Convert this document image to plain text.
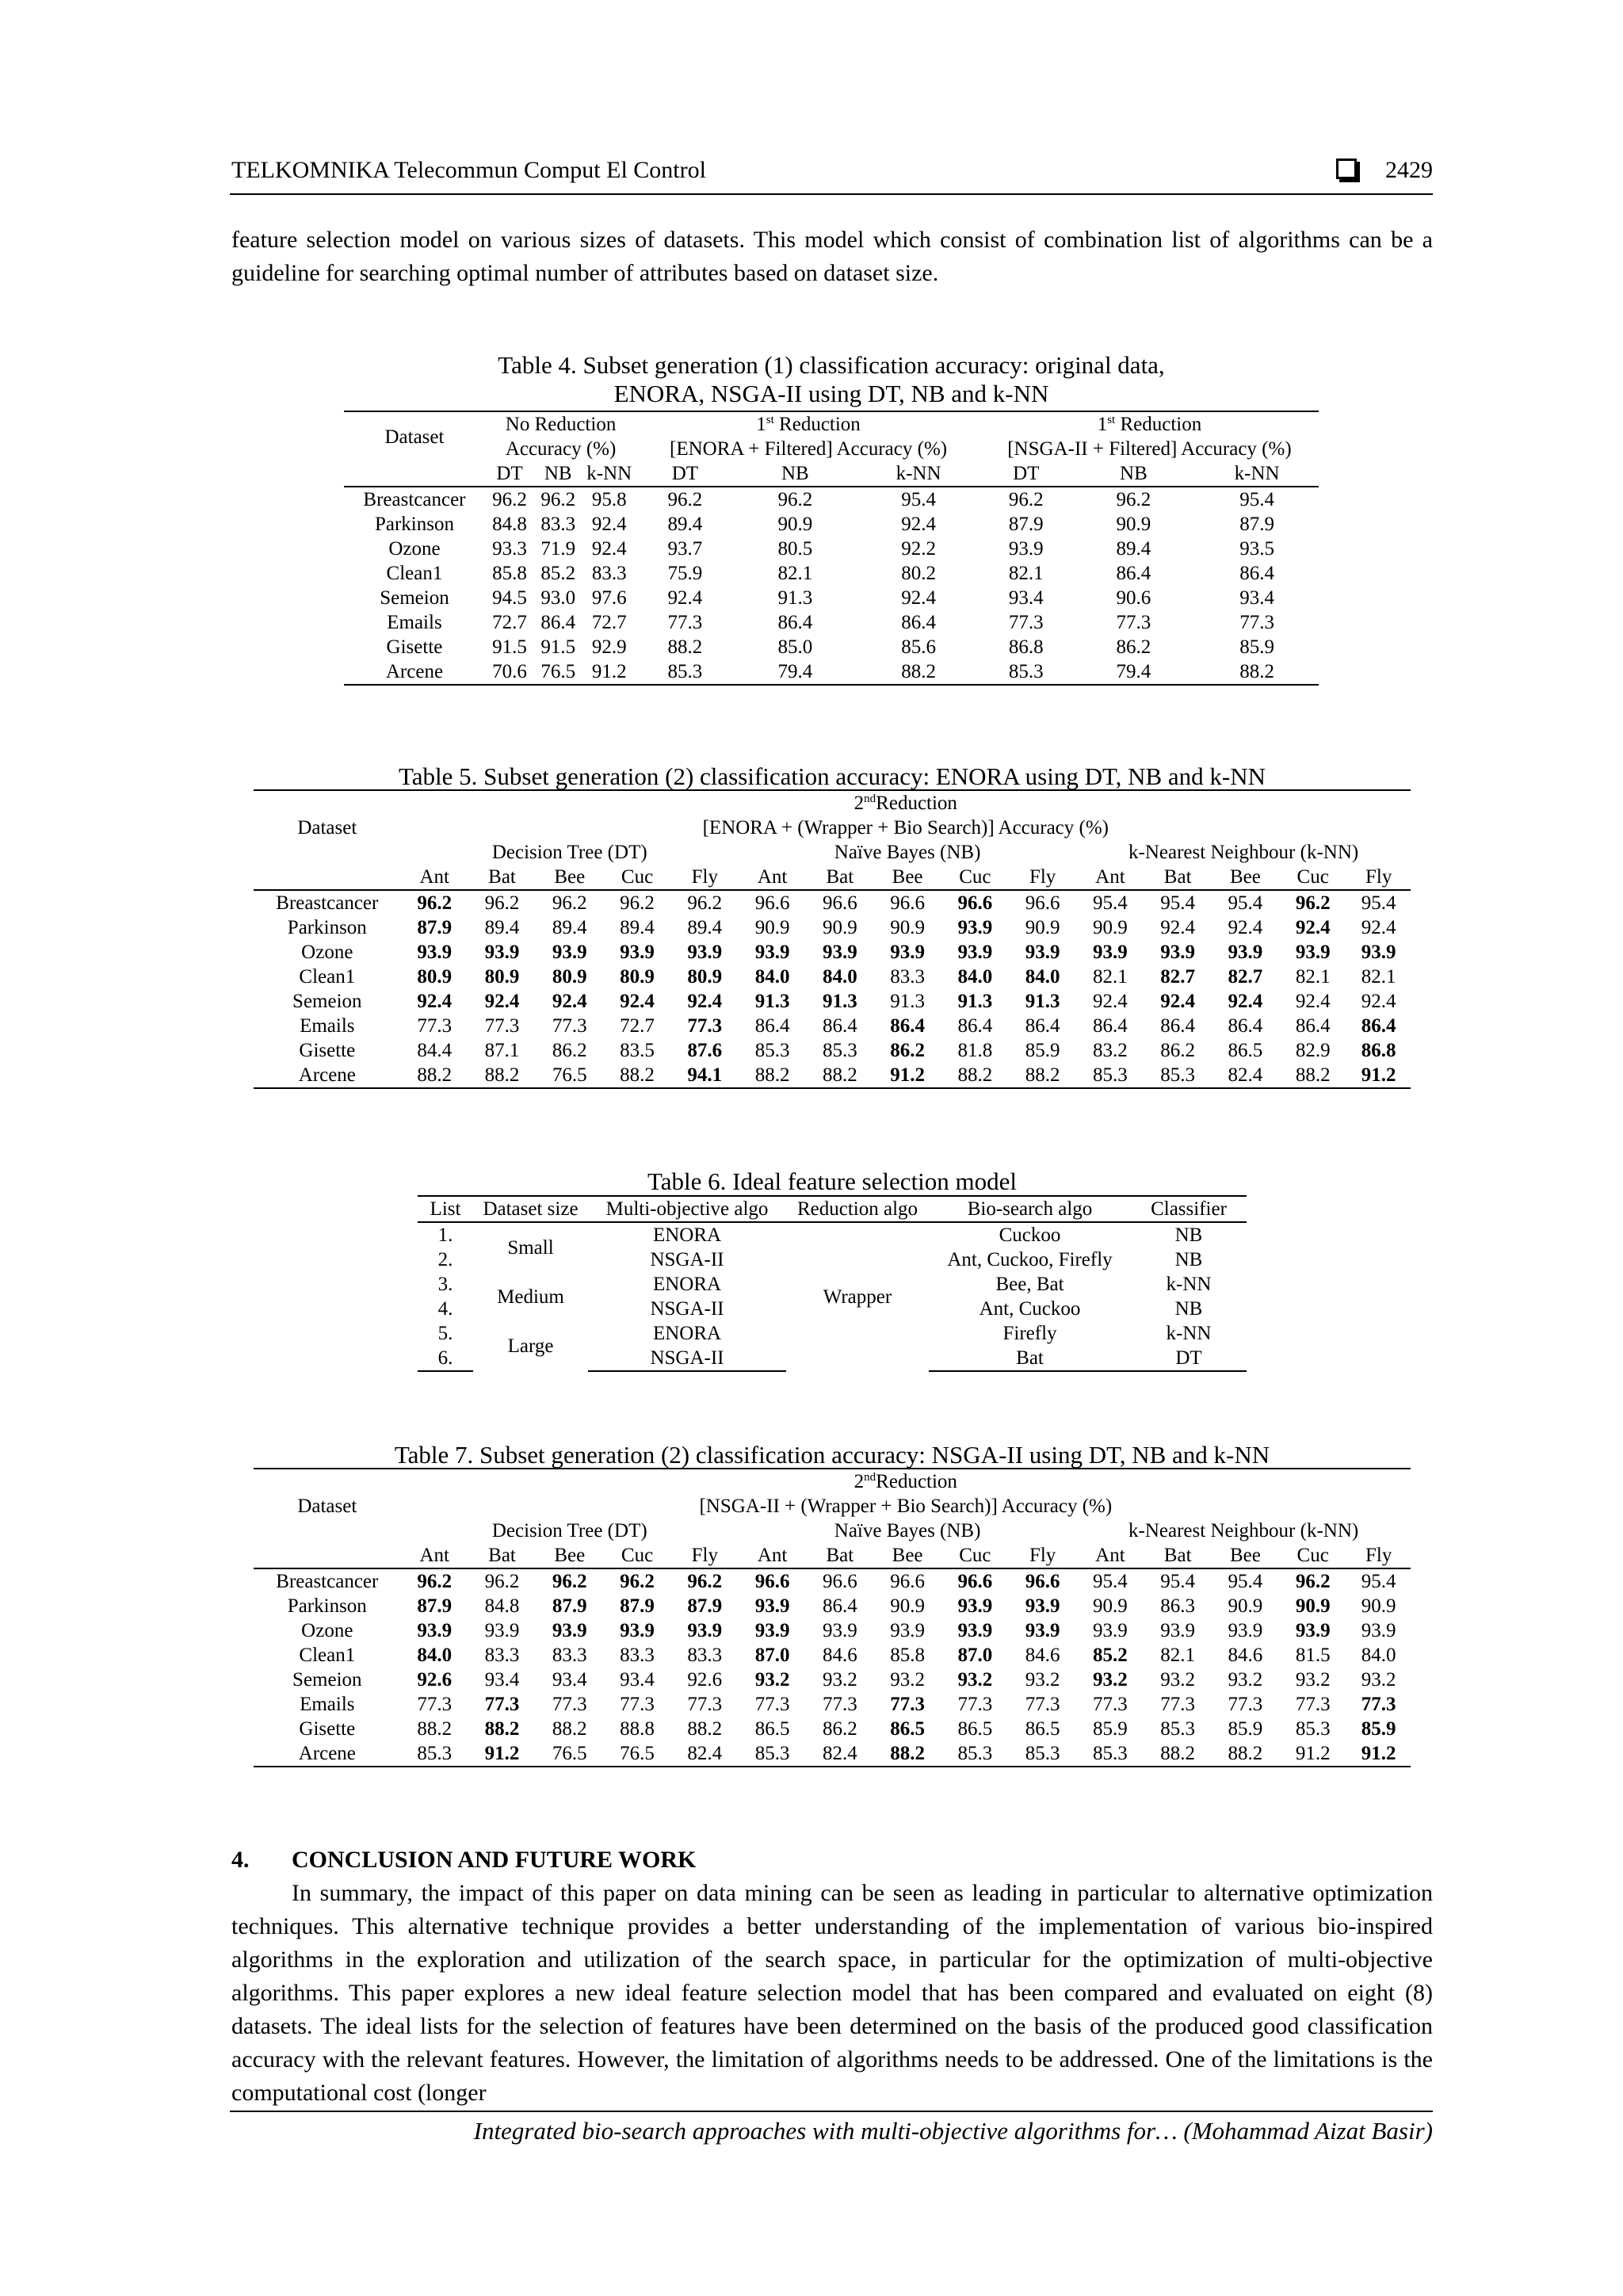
TELKOMNIKA Telecommun Comput El Control	2429

feature selection model on various sizes of datasets. This model which consist of combination list of algorithms can be a guideline for searching optimal number of attributes based on dataset size.

Table 4. Subset generation (1) classification accuracy: original data,
ENORA, NSGA-II using DT, NB and k-NN
Dataset	No Reduction			1st Reduction			1st Reduction		
	Accuracy (%)			[ENORA + Filtered] Accuracy (%)			[NSGA-II + Filtered] Accuracy (%)		
	DT	NB	k-NN	DT	NB	k-NN	DT	NB	k-NN
Breastcancer	96.2	96.2	95.8	96.2	96.2	95.4	96.2	96.2	95.4
Parkinson	84.8	83.3	92.4	89.4	90.9	92.4	87.9	90.9	87.9
Ozone	93.3	71.9	92.4	93.7	80.5	92.2	93.9	89.4	93.5
Clean1	85.8	85.2	83.3	75.9	82.1	80.2	82.1	86.4	86.4
Semeion	94.5	93.0	97.6	92.4	91.3	92.4	93.4	90.6	93.4
Emails	72.7	86.4	72.7	77.3	86.4	86.4	77.3	77.3	77.3
Gisette	91.5	91.5	92.9	88.2	85.0	85.6	86.8	86.2	85.9
Arcene	70.6	76.5	91.2	85.3	79.4	88.2	85.3	79.4	88.2
Table 5. Subset generation (2) classification accuracy: ENORA using DT, NB and k-NN
Dataset	2ndReduction														
	[ENORA + (Wrapper + Bio Search)] Accuracy (%)														
	Decision Tree (DT)					Naïve Bayes (NB)					k-Nearest Neighbour (k-NN)				
	Ant	Bat	Bee	Cuc	Fly	Ant	Bat	Bee	Cuc	Fly	Ant	Bat	Bee	Cuc	Fly
Breastcancer	96.2	96.2	96.2	96.2	96.2	96.6	96.6	96.6	96.6	96.6	95.4	95.4	95.4	96.2	95.4
Parkinson	87.9	89.4	89.4	89.4	89.4	90.9	90.9	90.9	93.9	90.9	90.9	92.4	92.4	92.4	92.4
Ozone	93.9	93.9	93.9	93.9	93.9	93.9	93.9	93.9	93.9	93.9	93.9	93.9	93.9	93.9	93.9
Clean1	80.9	80.9	80.9	80.9	80.9	84.0	84.0	83.3	84.0	84.0	82.1	82.7	82.7	82.1	82.1
Semeion	92.4	92.4	92.4	92.4	92.4	91.3	91.3	91.3	91.3	91.3	92.4	92.4	92.4	92.4	92.4
Emails	77.3	77.3	77.3	72.7	77.3	86.4	86.4	86.4	86.4	86.4	86.4	86.4	86.4	86.4	86.4
Gisette	84.4	87.1	86.2	83.5	87.6	85.3	85.3	86.2	81.8	85.9	83.2	86.2	86.5	82.9	86.8
Arcene	88.2	88.2	76.5	88.2	94.1	88.2	88.2	91.2	88.2	88.2	85.3	85.3	82.4	88.2	91.2
Table 6. Ideal feature selection model
List	Dataset size	Multi-objective algo	Reduction algo	Bio-search algo	Classifier
1.	Small	ENORA	Wrapper	Cuckoo	NB
2.		NSGA-II		Ant, Cuckoo, Firefly	NB
3.	Medium	ENORA		Bee, Bat	k-NN
4.		NSGA-II		Ant, Cuckoo	NB
5.	Large	ENORA		Firefly	k-NN
6.		NSGA-II		Bat	DT
Table 7. Subset generation (2) classification accuracy: NSGA-II using DT, NB and k-NN
Dataset	2ndReduction														
	[NSGA-II + (Wrapper + Bio Search)] Accuracy (%)														
	Decision Tree (DT)					Naïve Bayes (NB)					k-Nearest Neighbour (k-NN)				
	Ant	Bat	Bee	Cuc	Fly	Ant	Bat	Bee	Cuc	Fly	Ant	Bat	Bee	Cuc	Fly
Breastcancer	96.2	96.2	96.2	96.2	96.2	96.6	96.6	96.6	96.6	96.6	95.4	95.4	95.4	96.2	95.4
Parkinson	87.9	84.8	87.9	87.9	87.9	93.9	86.4	90.9	93.9	93.9	90.9	86.3	90.9	90.9	90.9
Ozone	93.9	93.9	93.9	93.9	93.9	93.9	93.9	93.9	93.9	93.9	93.9	93.9	93.9	93.9	93.9
Clean1	84.0	83.3	83.3	83.3	83.3	87.0	84.6	85.8	87.0	84.6	85.2	82.1	84.6	81.5	84.0
Semeion	92.6	93.4	93.4	93.4	92.6	93.2	93.2	93.2	93.2	93.2	93.2	93.2	93.2	93.2	93.2
Emails	77.3	77.3	77.3	77.3	77.3	77.3	77.3	77.3	77.3	77.3	77.3	77.3	77.3	77.3	77.3
Gisette	88.2	88.2	88.2	88.8	88.2	86.5	86.2	86.5	86.5	86.5	85.9	85.3	85.9	85.3	85.9
Arcene	85.3	91.2	76.5	76.5	82.4	85.3	82.4	88.2	85.3	85.3	85.3	88.2	88.2	91.2	91.2
4. CONCLUSION AND FUTURE WORK

In summary, the impact of this paper on data mining can be seen as leading in particular to alternative optimization techniques. This alternative technique provides a better understanding of the implementation of various bio-inspired algorithms in the exploration and utilization of the search space, in particular for the optimization of multi-objective algorithms. This paper explores a new ideal feature selection model that has been compared and evaluated on eight (8) datasets. The ideal lists for the selection of features have been determined on the basis of the produced good classification accuracy with the relevant features. However, the limitation of algorithms needs to be addressed. One of the limitations is the computational cost (longer

Integrated bio-search approaches with multi-objective algorithms for… (Mohammad Aizat Basir)
